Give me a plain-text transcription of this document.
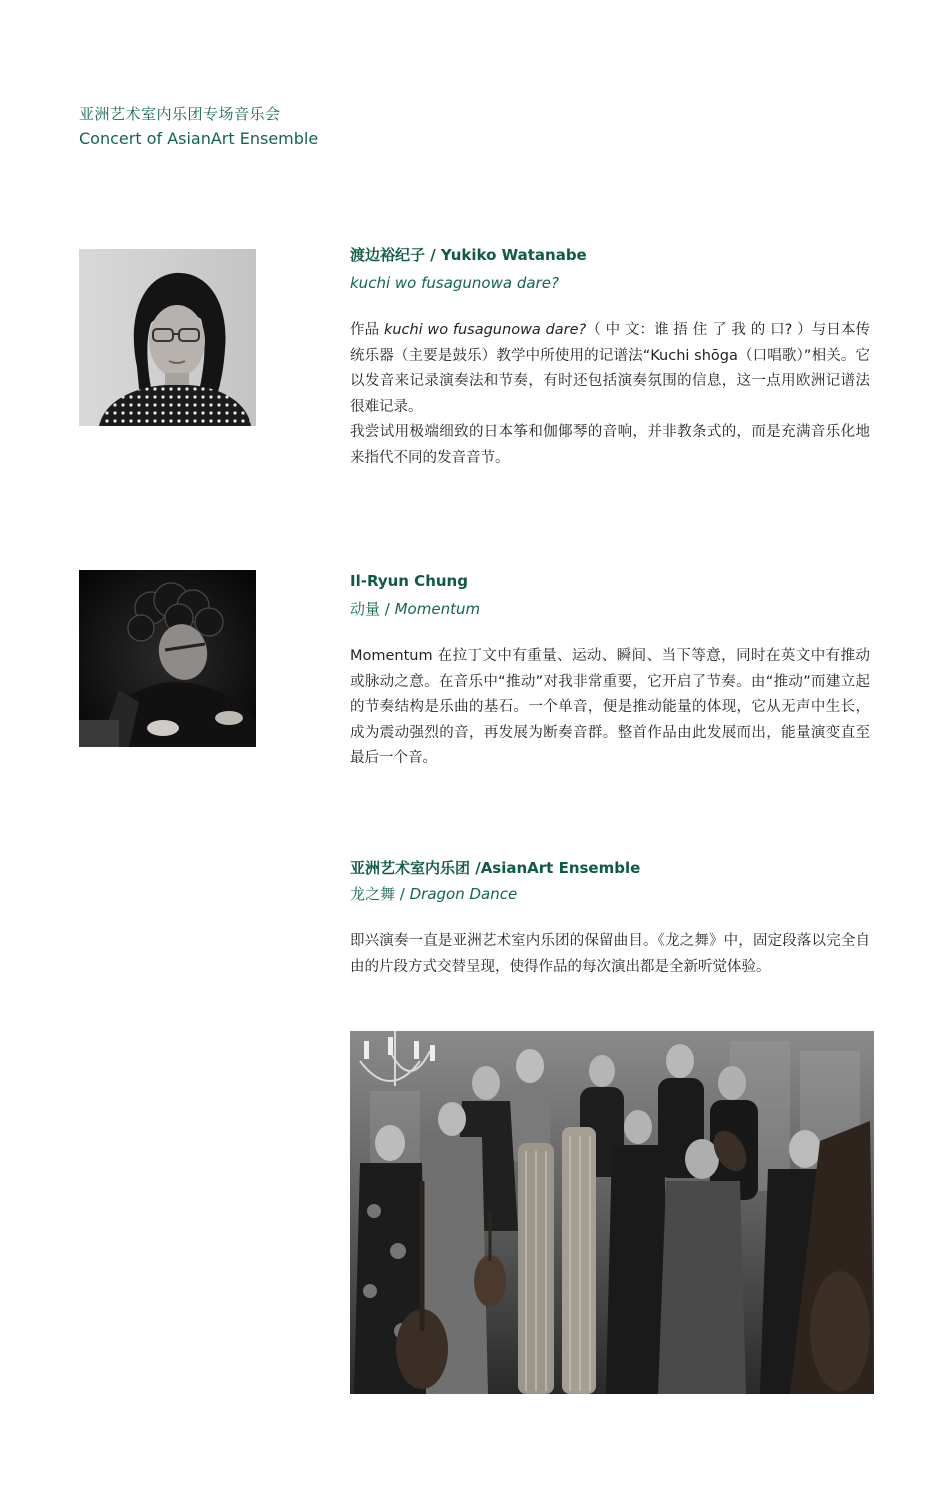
亚洲艺术室内乐团专场音乐会
Concert of AsianArt Ensemble
渡边裕纪子 / Yukiko Watanabe
kuchi wo fusagunowa dare?

作品 kuchi wo fusagunowa dare?（ 中 文：谁 捂 住 了 我 的 口? ）与日本传统乐器（主要是鼓乐）教学中所使用的记谱法“Kuchi shōga（口唱歌）”相关。它以发音来记录演奏法和节奏，有时还包括演奏氛围的信息，这一点用欧洲记谱法很难记录。

我尝试用极端细致的日本筝和伽倻琴的音响，并非教条式的，而是充满音乐化地来指代不同的发音音节。

Il-Ryun Chung
动量 / Momentum

Momentum 在拉丁文中有重量、运动、瞬间、当下等意，同时在英文中有推动或脉动之意。在音乐中“推动”对我非常重要，它开启了节奏。由“推动”而建立起的节奏结构是乐曲的基石。一个单音，便是推动能量的体现，它从无声中生长，成为震动强烈的音，再发展为断奏音群。整首作品由此发展而出，能量演变直至最后一个音。

亚洲艺术室内乐团 /AsianArt Ensemble
龙之舞 / Dragon Dance

即兴演奏一直是亚洲艺术室内乐团的保留曲目。《龙之舞》中，固定段落以完全自由的片段方式交替呈现，使得作品的每次演出都是全新听觉体验。
